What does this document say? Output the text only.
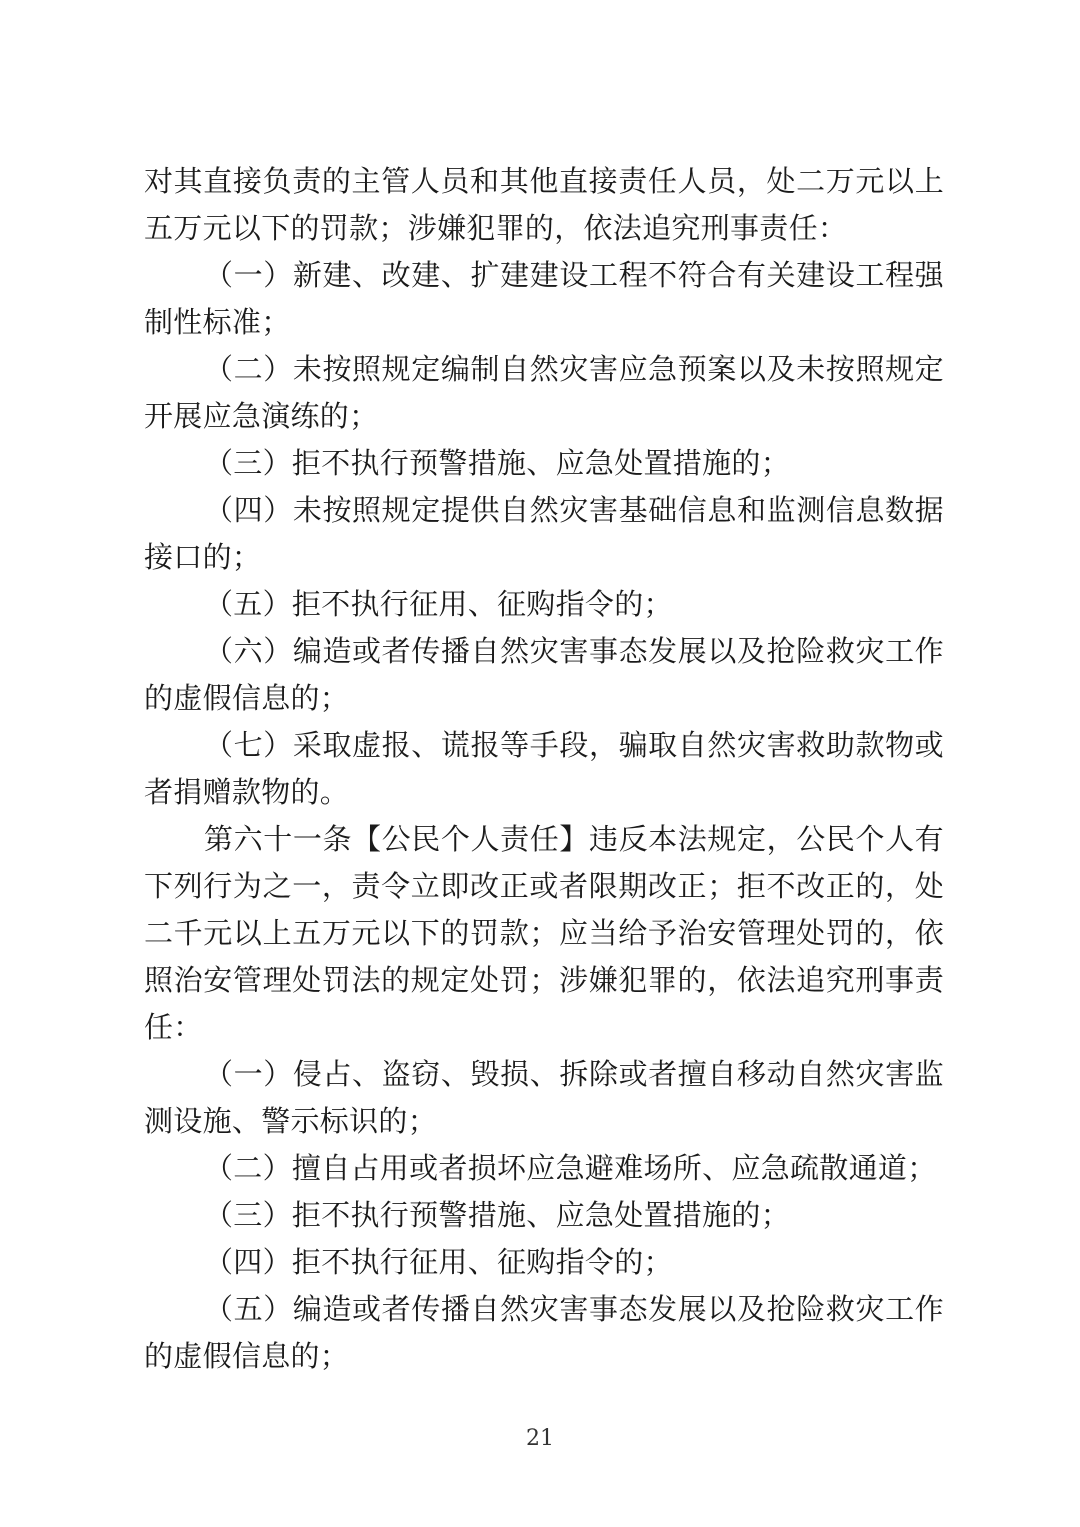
对其直接负责的主管人员和其他直接责任人员，处二万元以上五万元以下的罚款；涉嫌犯罪的，依法追究刑事责任：

（一）新建、改建、扩建建设工程不符合有关建设工程强制性标准；

（二）未按照规定编制自然灾害应急预案以及未按照规定开展应急演练的；

（三）拒不执行预警措施、应急处置措施的；

（四）未按照规定提供自然灾害基础信息和监测信息数据接口的；

（五）拒不执行征用、征购指令的；

（六）编造或者传播自然灾害事态发展以及抢险救灾工作的虚假信息的；

（七）采取虚报、谎报等手段，骗取自然灾害救助款物或者捐赠款物的。

第六十一条【公民个人责任】违反本法规定，公民个人有下列行为之一，责令立即改正或者限期改正；拒不改正的，处二千元以上五万元以下的罚款；应当给予治安管理处罚的，依照治安管理处罚法的规定处罚；涉嫌犯罪的，依法追究刑事责任：

（一）侵占、盗窃、毁损、拆除或者擅自移动自然灾害监测设施、警示标识的；

（二）擅自占用或者损坏应急避难场所、应急疏散通道；

（三）拒不执行预警措施、应急处置措施的；

（四）拒不执行征用、征购指令的；

（五）编造或者传播自然灾害事态发展以及抢险救灾工作的虚假信息的；

21
